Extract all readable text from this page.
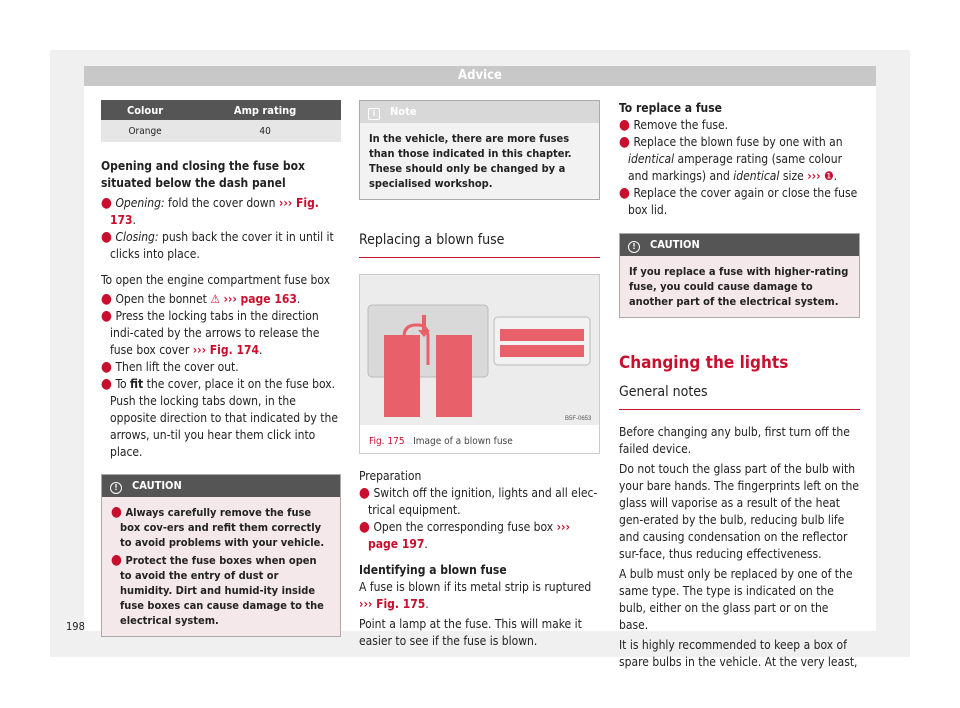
Advice
Colour	Amp rating
Orange	40

Opening and closing the fuse box situated below the dash panel

● Opening: fold the cover down ››› Fig. 173.

● Closing: push back the cover it in until it clicks into place.

To open the engine compartment fuse box

● Open the bonnet ⚠ ››› page 163.

● Press the locking tabs in the direction indi-cated by the arrows to release the fuse box cover ››› Fig. 174.

● Then lift the cover out.

● To fit the cover, place it on the fuse box. Push the locking tabs down, in the opposite direction to that indicated by the arrows, un-til you hear them click into place.

! CAUTION

● Always carefully remove the fuse box cov-ers and refit them correctly to avoid problems with your vehicle.

● Protect the fuse boxes when open to avoid the entry of dust or humidity. Dirt and humid-ity inside fuse boxes can cause damage to the electrical system.

i Note
In the vehicle, there are more fuses than those indicated in this chapter. These should only be changed by a specialised workshop.
Replacing a blown fuse
B5F-0653
Fig. 175 Image of a blown fuse

Preparation

● Switch off the ignition, lights and all elec-trical equipment.

● Open the corresponding fuse box ››› page 197.

Identifying a blown fuse

A fuse is blown if its metal strip is ruptured ››› Fig. 175.

Point a lamp at the fuse. This will make it easier to see if the fuse is blown.

To replace a fuse

● Remove the fuse.

● Replace the blown fuse by one with an identical amperage rating (same colour and markings) and identical size ››› ❶.

● Replace the cover again or close the fuse box lid.

! CAUTION
If you replace a fuse with higher-rating fuse, you could cause damage to another part of the electrical system.

Changing the lights

General notes

Before changing any bulb, first turn off the failed device.

Do not touch the glass part of the bulb with your bare hands. The fingerprints left on the glass will vaporise as a result of the heat gen-erated by the bulb, reducing bulb life and causing condensation on the reflector sur-face, thus reducing effectiveness.

A bulb must only be replaced by one of the same type. The type is indicated on the bulb, either on the glass part or on the base.

It is highly recommended to keep a box of spare bulbs in the vehicle. At the very least,

198
